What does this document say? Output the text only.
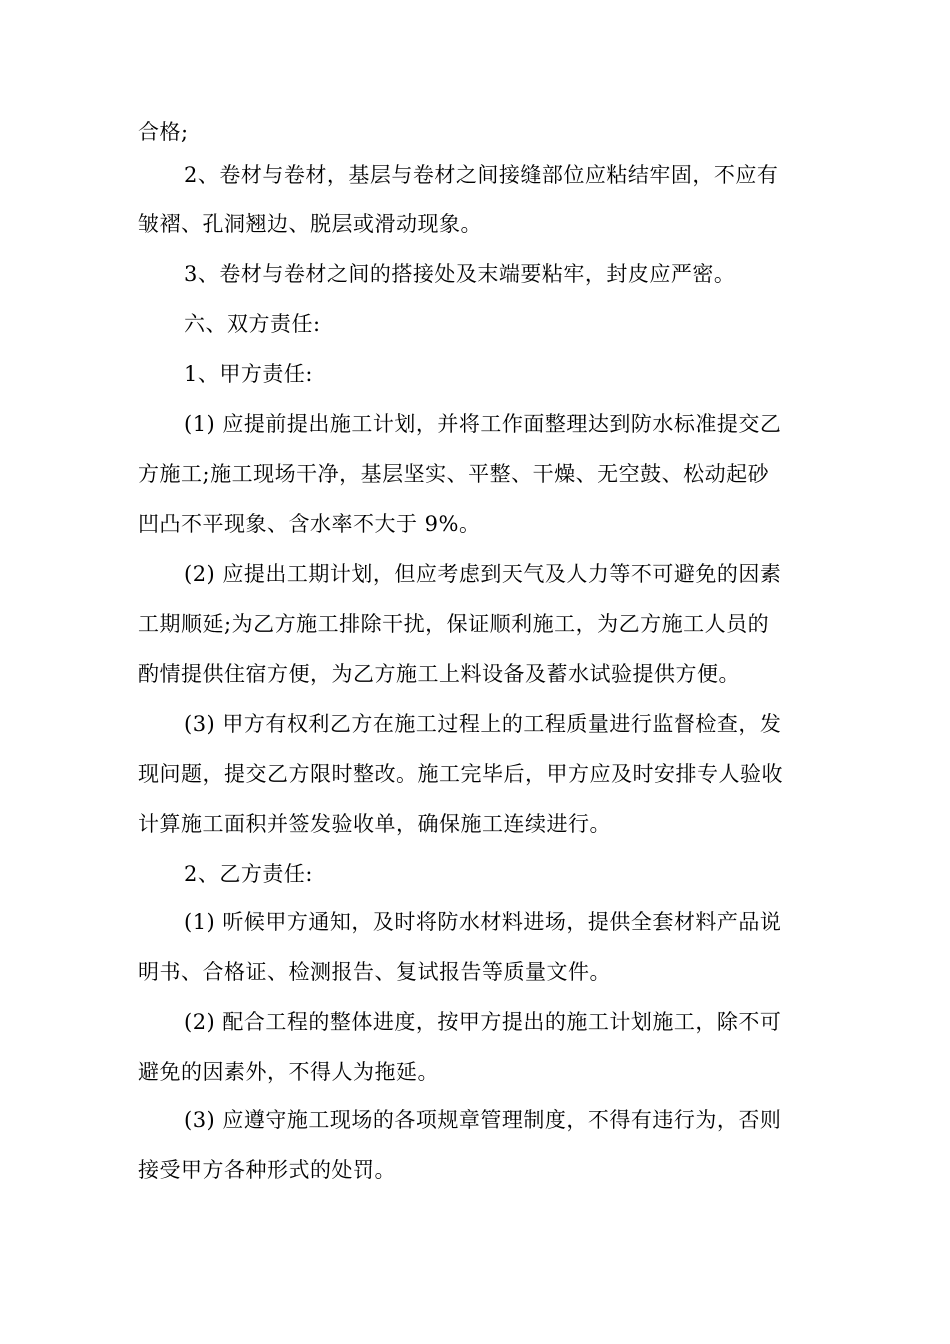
合格;
2、卷材与卷材，基层与卷材之间接缝部位应粘结牢固，不应有
皱褶、孔洞翘边、脱层或滑动现象。
3、卷材与卷材之间的搭接处及末端要粘牢，封皮应严密。
六、双方责任:
1、甲方责任:
(1) 应提前提出施工计划，并将工作面整理达到防水标准提交乙
方施工;施工现场干净，基层坚实、平整、干燥、无空鼓、松动起砂
凹凸不平现象、含水率不大于 9%。
(2) 应提出工期计划，但应考虑到天气及人力等不可避免的因素
工期顺延;为乙方施工排除干扰，保证顺利施工，为乙方施工人员的
酌情提供住宿方便，为乙方施工上料设备及蓄水试验提供方便。
(3) 甲方有权利乙方在施工过程上的工程质量进行监督检查，发
现问题，提交乙方限时整改。施工完毕后，甲方应及时安排专人验收
计算施工面积并签发验收单，确保施工连续进行。
2、乙方责任:
(1) 听候甲方通知，及时将防水材料进场，提供全套材料产品说
明书、合格证、检测报告、复试报告等质量文件。
(2) 配合工程的整体进度，按甲方提出的施工计划施工，除不可
避免的因素外，不得人为拖延。
(3) 应遵守施工现场的各项规章管理制度，不得有违行为，否则
接受甲方各种形式的处罚。
